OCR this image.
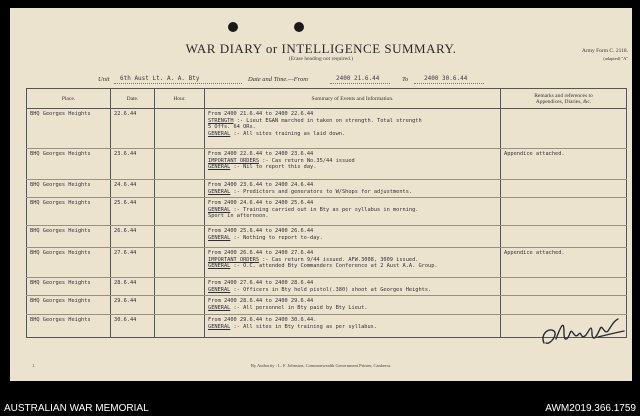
WAR DIARY or INTELLIGENCE SUMMARY.
(Erase heading not required.)
Army Form C. 2118.
(adapted) ''A''
Unit 6th Aust Lt. A. A. Bty	Date and Time.—From	2400 21.6.44	To	2400 30.6.44
Place.	Date.	Hour.	Summary of Events and Information.	Remarks and references to
Appendices, Diaries, &c.

BHQ Georges Heights	22.6.44		From 2400 21.6.44 to 2400 22.6.44
STRENGTH :- Lieut EGAN marched in taken on strength. Total strength
5 Offs. 64 ORs.
GENERAL :- All sites training as laid down.	

BHQ Georges Heights	23.6.44		From 2400 22.6.44 to 2400 23.6.44
IMPORTANT ORDERS :- Cas return No.35/44 issued
GENERAL :- Nil to report this day.	Appendice attached.
BHQ Georges Heights	24.6.44		From 2400 23.6.44 to 2400 24.6.44
GENERAL :- Predictors and generators to W/Shops for adjustments.	

BHQ Georges Heights	25.6.44		From 2400 24.6.44 to 2400 25.6.44
GENERAL :- Training carried out in Bty as per syllabus in morning.
Sport in afternoon.	

BHQ Georges Heights	26.6.44		From 2400 25.6.44 to 2400 26.6.44
GENERAL :- Nothing to report to-day.	

BHQ Georges Heights	27.6.44		From 2400 26.6.44 to 2400 27.6.44
IMPORTANT ORDERS :- Cas return 9/44 issued. AFW.3008, 3009 issued.
GENERAL :- O.C. attended Bty Commanders Conference at 2 Aust A.A. Group.	Appendice attached.
BHQ Georges Heights	28.6.44		From 2400 27.6.44 to 2400 28.6.44
GENERAL :- Officers in Bty held pistol(.380) shoot at Georges Heights.	

BHQ Georges Heights	29.6.44		From 2400 28.6.44 to 2400 29.6.44
GENERAL :- All personnel in Bty paid by Bty Lieut.	

BHQ Georges Heights	30.6.44		From 2400 29.6.44 to 2400 30.6.44.
GENERAL :- All sites in Bty training as per syllabus.	

1.	By Authority : L. F. Johnston, Commonwealth Government Printer, Canberra.
AUSTRALIAN WAR MEMORIAL	AWM2019.366.1759
